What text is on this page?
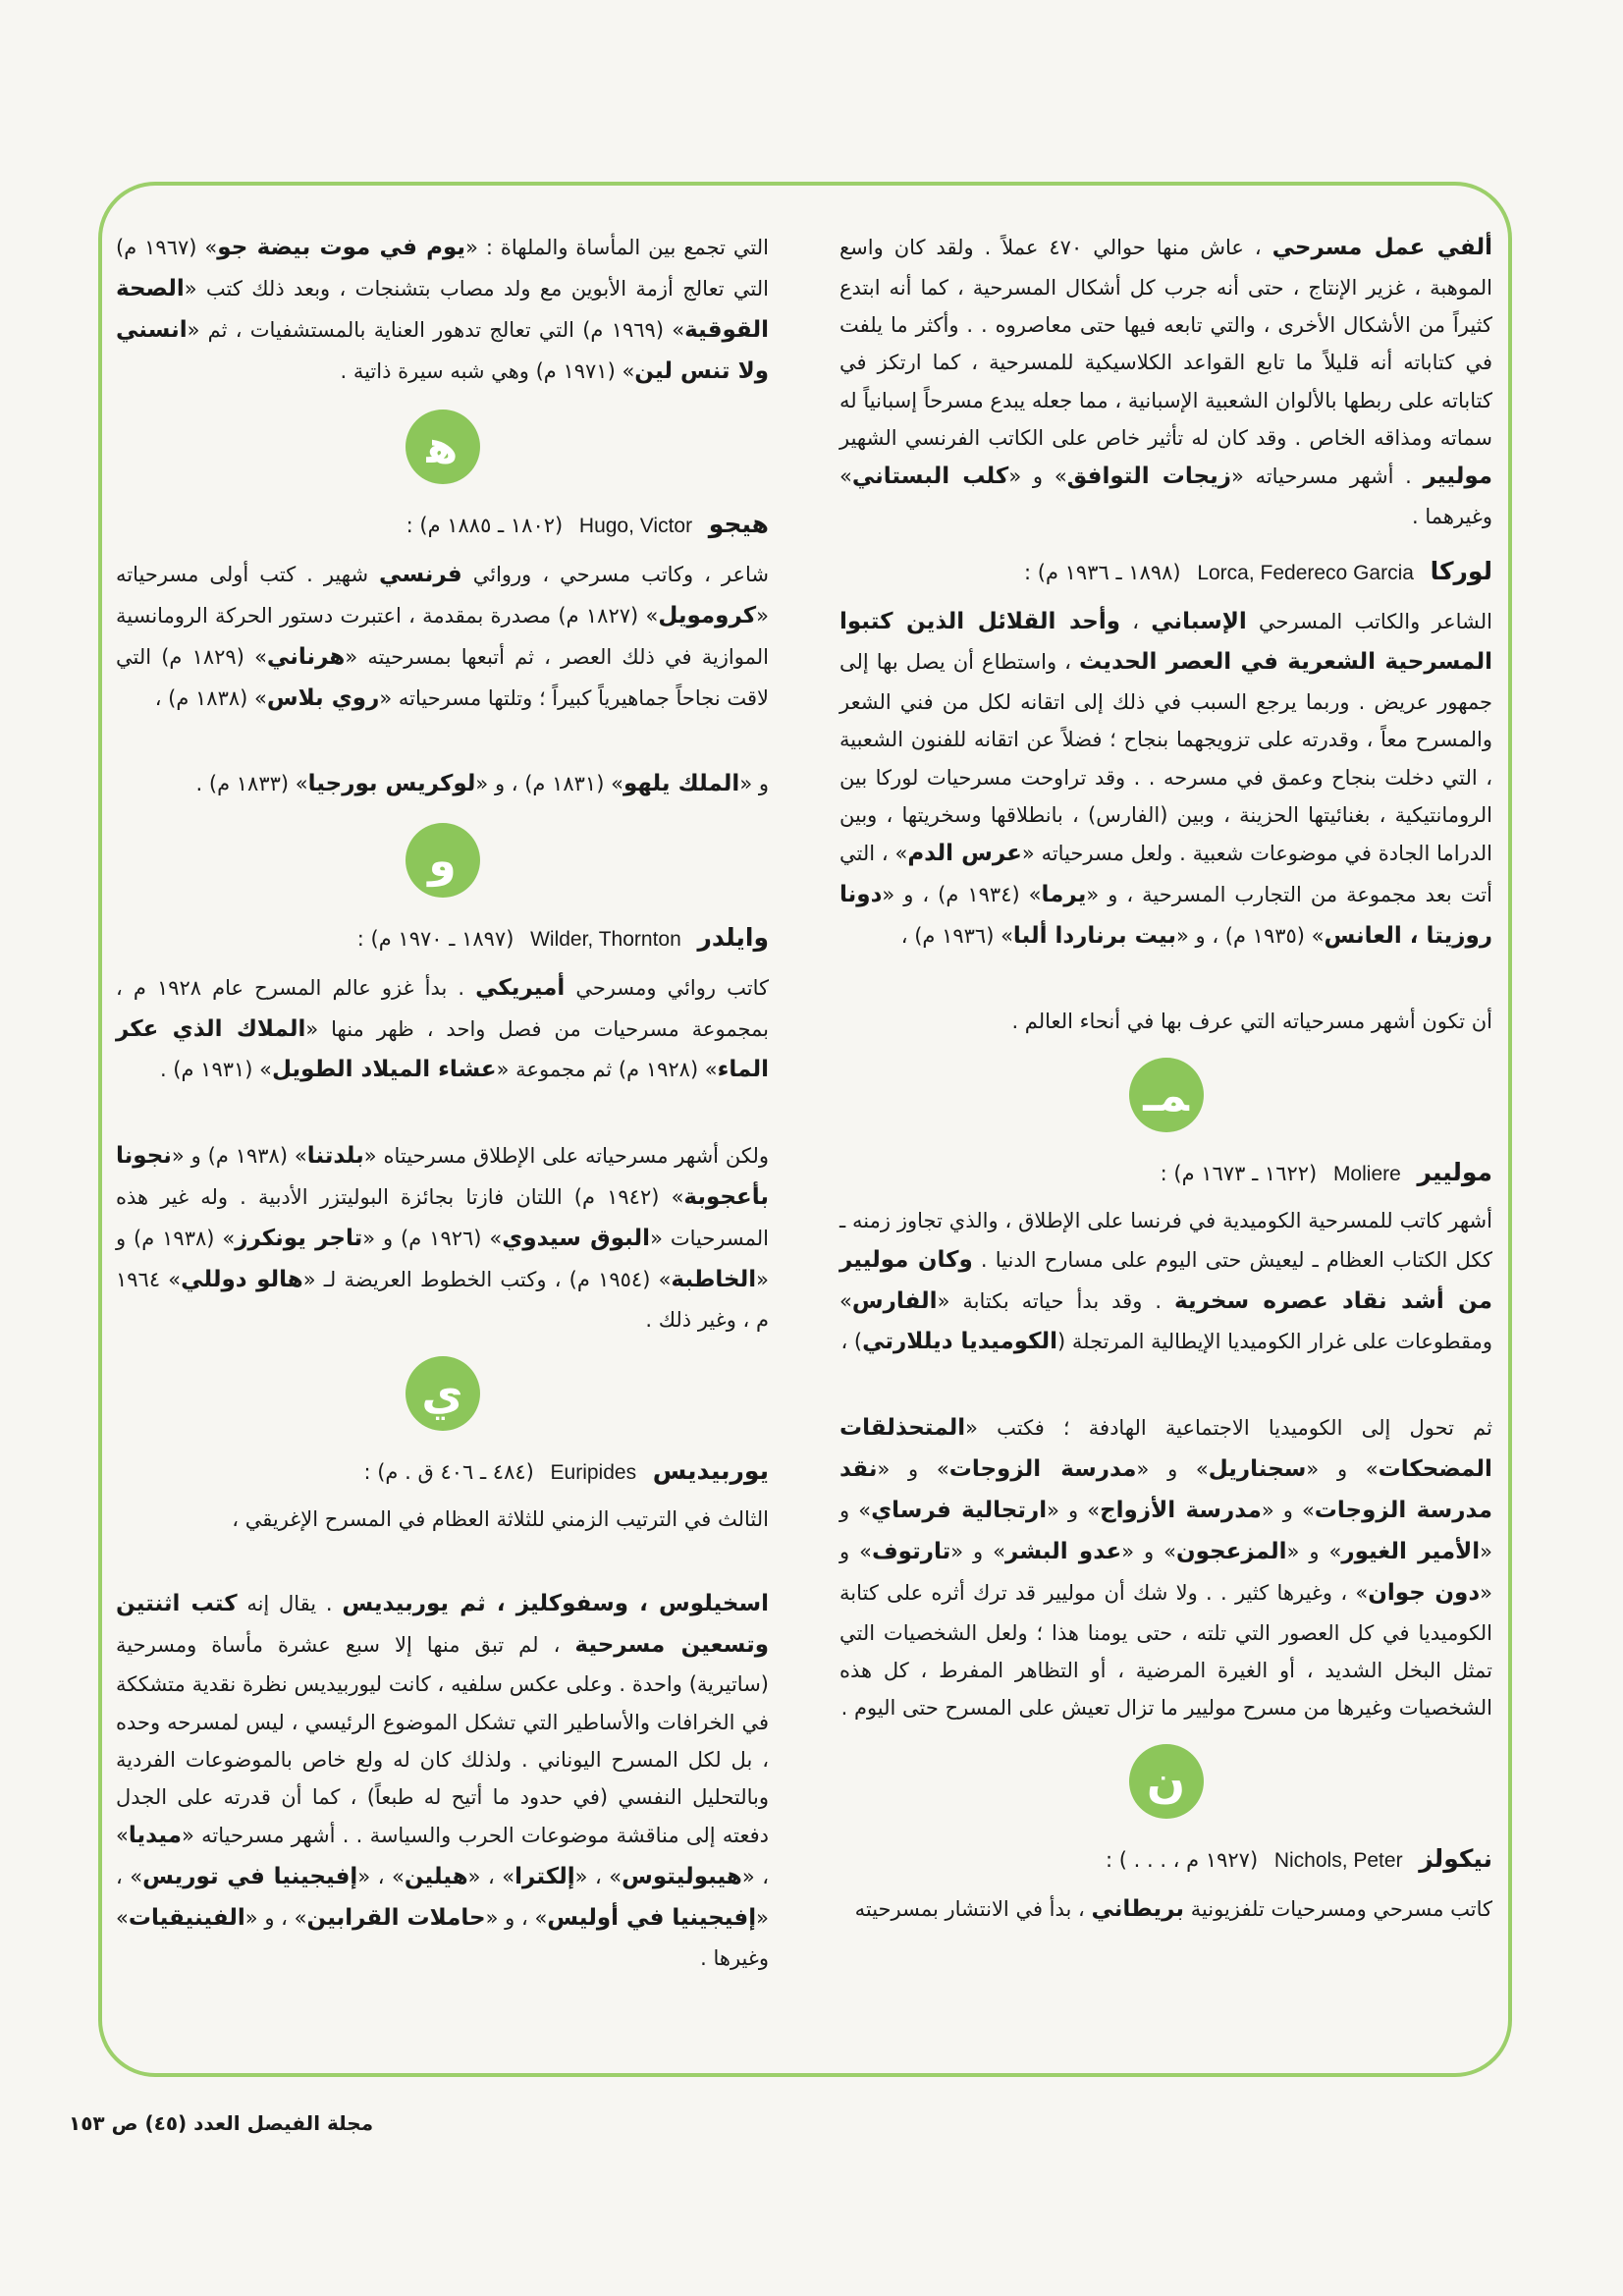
ألفي عمل مسرحي ، عاش منها حوالي ٤٧٠ عملاً . ولقد كان واسع الموهبة ، غزير الإنتاج ، حتى أنه جرب كل أشكال المسرحية ، كما أنه ابتدع كثيراً من الأشكال الأخرى ، والتي تابعه فيها حتى معاصروه . . وأكثر ما يلفت في كتاباته أنه قليلاً ما تابع القواعد الكلاسيكية للمسرحية ، كما ارتكز في كتاباته على ربطها بالألوان الشعبية الإسبانية ، مما جعله يبدع مسرحاً إسبانياً له سماته ومذاقه الخاص . وقد كان له تأثير خاص على الكاتب الفرنسي الشهير موليير . أشهر مسرحياته «زيجات التوافق» و «كلب البستاني» وغيرهما .

لوركا Lorca, Federeco Garcia (١٨٩٨ ـ ١٩٣٦ م) :

الشاعر والكاتب المسرحي الإسباني ، وأحد القلائل الذين كتبوا المسرحية الشعرية في العصر الحديث ، واستطاع أن يصل بها إلى جمهور عريض . وربما يرجع السبب في ذلك إلى اتقانه لكل من فني الشعر والمسرح معاً ، وقدرته على تزويجهما بنجاح ؛ فضلاً عن اتقانه للفنون الشعبية ، التي دخلت بنجاح وعمق في مسرحه . . وقد تراوحت مسرحيات لوركا بين الرومانتيكية ، بغنائيتها الحزينة ، وبين (الفارس) ، بانطلاقها وسخريتها ، وبين الدراما الجادة في موضوعات شعبية . ولعل مسرحياته «عرس الدم» ، التي أتت بعد مجموعة من التجارب المسرحية ، و «يرما» (١٩٣٤ م) ، و «دونا روزيتا ، العانس» (١٩٣٥ م) ، و «بيت برناردا ألبا» (١٩٣٦ م) ،

أن تكون أشهر مسرحياته التي عرف بها في أنحاء العالم .

ﻤـ
موليير Moliere (١٦٢٢ ـ ١٦٧٣ م) :

أشهر كاتب للمسرحية الكوميدية في فرنسا على الإطلاق ، والذي تجاوز زمنه ـ ككل الكتاب العظام ـ ليعيش حتى اليوم على مسارح الدنيا . وكان موليير من أشد نقاد عصره سخرية . وقد بدأ حياته بكتابة «الفارس» ومقطوعات على غرار الكوميديا الإيطالية المرتجلة (الكوميديا ديللارتي) ،

ثم تحول إلى الكوميديا الاجتماعية الهادفة ؛ فكتب «المتحذلقات المضحكات» و «سجناريل» و «مدرسة الزوجات» و «نقد مدرسة الزوجات» و «مدرسة الأزواج» و «ارتجالية فرساي» و «الأمير الغيور» و «المزعجون» و «عدو البشر» و «تارتوف» و «دون جوان» ، وغيرها كثير . . ولا شك أن موليير قد ترك أثره على كتابة الكوميديا في كل العصور التي تلته ، حتى يومنا هذا ؛ ولعل الشخصيات التي تمثل البخل الشديد ، أو الغيرة المرضية ، أو التظاهر المفرط ، كل هذه الشخصيات وغيرها من مسرح موليير ما تزال تعيش على المسرح حتى اليوم .

ن
نيكولز Nichols, Peter (١٩٢٧ م ، . . . ) :

كاتب مسرحي ومسرحيات تلفزيونية بريطاني ، بدأ في الانتشار بمسرحيته

التي تجمع بين المأساة والملهاة : «يوم في موت بيضة جو» (١٩٦٧ م) التي تعالج أزمة الأبوين مع ولد مصاب بتشنجات ، وبعد ذلك كتب «الصحة القوقية» (١٩٦٩ م) التي تعالج تدهور العناية بالمستشفيات ، ثم «انسني ولا تنس لين» (١٩٧١ م) وهي شبه سيرة ذاتية .

ﻫ
هيجو Hugo, Victor (١٨٠٢ ـ ١٨٨٥ م) :

شاعر ، وكاتب مسرحي ، وروائي فرنسي شهير . كتب أولى مسرحياته «كرومويل» (١٨٢٧ م) مصدرة بمقدمة ، اعتبرت دستور الحركة الرومانسية الموازية في ذلك العصر ، ثم أتبعها بمسرحيته «هرناني» (١٨٢٩ م) التي لاقت نجاحاً جماهيرياً كبيراً ؛ وتلتها مسرحياته «روي بلاس» (١٨٣٨ م) ،

و «الملك يلهو» (١٨٣١ م) ، و «لوكريس بورجيا» (١٨٣٣ م) .

و
وايلدر Wilder, Thornton (١٨٩٧ ـ ١٩٧٠ م) :

كاتب روائي ومسرحي أميريكي . بدأ غزو عالم المسرح عام ١٩٢٨ م ، بمجموعة مسرحيات من فصل واحد ، ظهر منها «الملاك الذي عكر الماء» (١٩٢٨ م) ثم مجموعة «عشاء الميلاد الطويل» (١٩٣١ م) .

ولكن أشهر مسرحياته على الإطلاق مسرحيتاه «بلدتنا» (١٩٣٨ م) و «نجونا بأعجوبة» (١٩٤٢ م) اللتان فازتا بجائزة البوليتزر الأدبية . وله غير هذه المسرحيات «البوق سيدوي» (١٩٢٦ م) و «تاجر يونكرز» (١٩٣٨ م) و «الخاطبة» (١٩٥٤ م) ، وكتب الخطوط العريضة لـ «هالو دوللي» ١٩٦٤ م ، وغير ذلك .

ي
يوربيديس Euripides (٤٨٤ ـ ٤٠٦ ق . م) :

الثالث في الترتيب الزمني للثلاثة العظام في المسرح الإغريقي ،

اسخيلوس ، وسفوكليز ، ثم يوربيديس . يقال إنه كتب اثنتين وتسعين مسرحية ، لم تبق منها إلا سبع عشرة مأساة ومسرحية (ساتيرية) واحدة . وعلى عكس سلفيه ، كانت ليوربيديس نظرة نقدية متشككة في الخرافات والأساطير التي تشكل الموضوع الرئيسي ، ليس لمسرحه وحده ، بل لكل المسرح اليوناني . ولذلك كان له ولع خاص بالموضوعات الفردية وبالتحليل النفسي (في حدود ما أتيح له طبعاً) ، كما أن قدرته على الجدل دفعته إلى مناقشة موضوعات الحرب والسياسة . . أشهر مسرحياته «ميديا» ، «هيبوليتوس» ، «إلكترا» ، «هيلين» ، «إفيجينيا في توريس» ، «إفيجينيا في أوليس» ، و «حاملات القرابين» ، و «الفينيقيات» وغيرها .

مجلة الفيصل العدد (٤٥) ص ١٥٣
